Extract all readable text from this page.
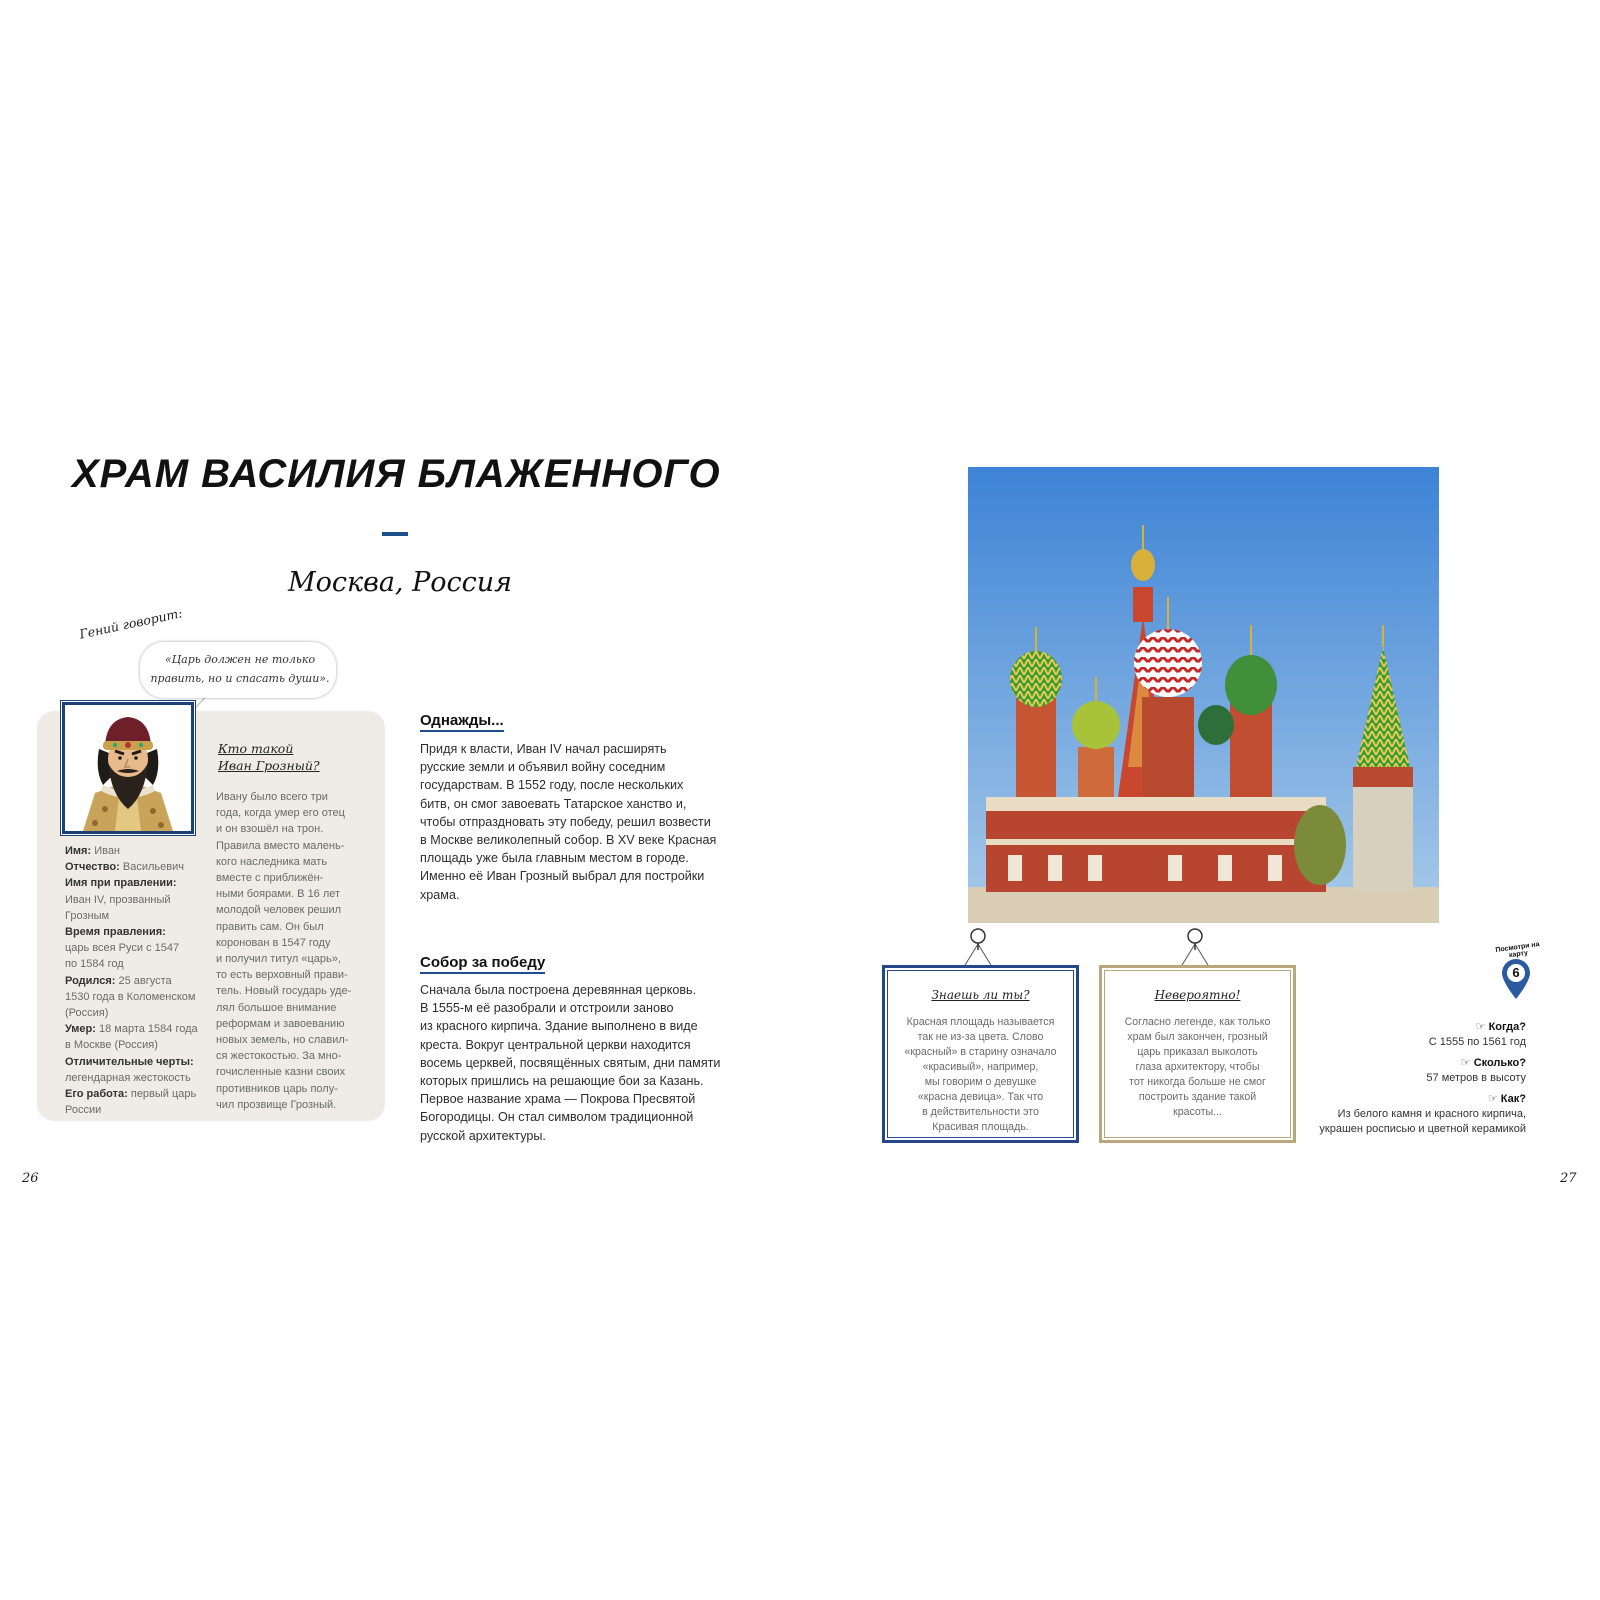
ХРАМ ВАСИЛИЯ БЛАЖЕННОГО
Москва, Россия
Гений говорит:
«Царь должен не только
править, но и спасать души».
Кто такой
Иван Грозный?
Ивану было всего три
года, когда умер его отец
и он взошёл на трон.
Правила вместо малень-
кого наследника мать
вместе с приближён-
ными боярами. В 16 лет
молодой человек решил
править сам. Он был
коронован в 1547 году
и получил титул «царь»,
то есть верховный прави-
тель. Новый государь уде-
лял большое внимание
реформам и завоеванию
новых земель, но славил-
ся жестокостью. За мно-
гочисленные казни своих
противников царь полу-
чил прозвище Грозный.
Имя: Иван
Отчество: Васильевич
Имя при правлении:
Иван IV, прозванный
Грозным
Время правления:
царь всея Руси с 1547
по 1584 год
Родился: 25 августа
1530 года в Коломенском
(Россия)
Умер: 18 марта 1584 года
в Москве (Россия)
Отличительные черты:
легендарная жестокость
Его работа: первый царь
России
Однажды...
Придя к власти, Иван IV начал расширять
русские земли и объявил войну соседним
государствам. В 1552 году, после нескольких
битв, он смог завоевать Татарское ханство и,
чтобы отпраздновать эту победу, решил возвести
в Москве великолепный собор. В XV веке Красная
площадь уже была главным местом в городе.
Именно её Иван Грозный выбрал для постройки
храма.
Собор за победу
Сначала была построена деревянная церковь.
В 1555-м её разобрали и отстроили заново
из красного кирпича. Здание выполнено в виде
креста. Вокруг центральной церкви находится
восемь церквей, посвящённых святым, дни памяти
которых пришлись на решающие бои за Казань.
Первое название храма — Покрова Пресвятой
Богородицы. Он стал символом традиционной
русской архитектуры.
26
Знаешь ли ты?
Красная площадь называется
так не из-за цвета. Слово
«красный» в старину означало
«красивый», например,
мы говорим о девушке
«красна девица». Так что
в действительности это
Красивая площадь.
Невероятно!
Согласно легенде, как только
храм был закончен, грозный
царь приказал выколоть
глаза архитектору, чтобы
тот никогда больше не смог
построить здание такой
красоты...
Посмотри на карту
6
☞ Когда?
С 1555 по 1561 год
☞ Сколько?
57 метров в высоту
☞ Как?
Из белого камня и красного кирпича,
украшен росписью и цветной керамикой
27
